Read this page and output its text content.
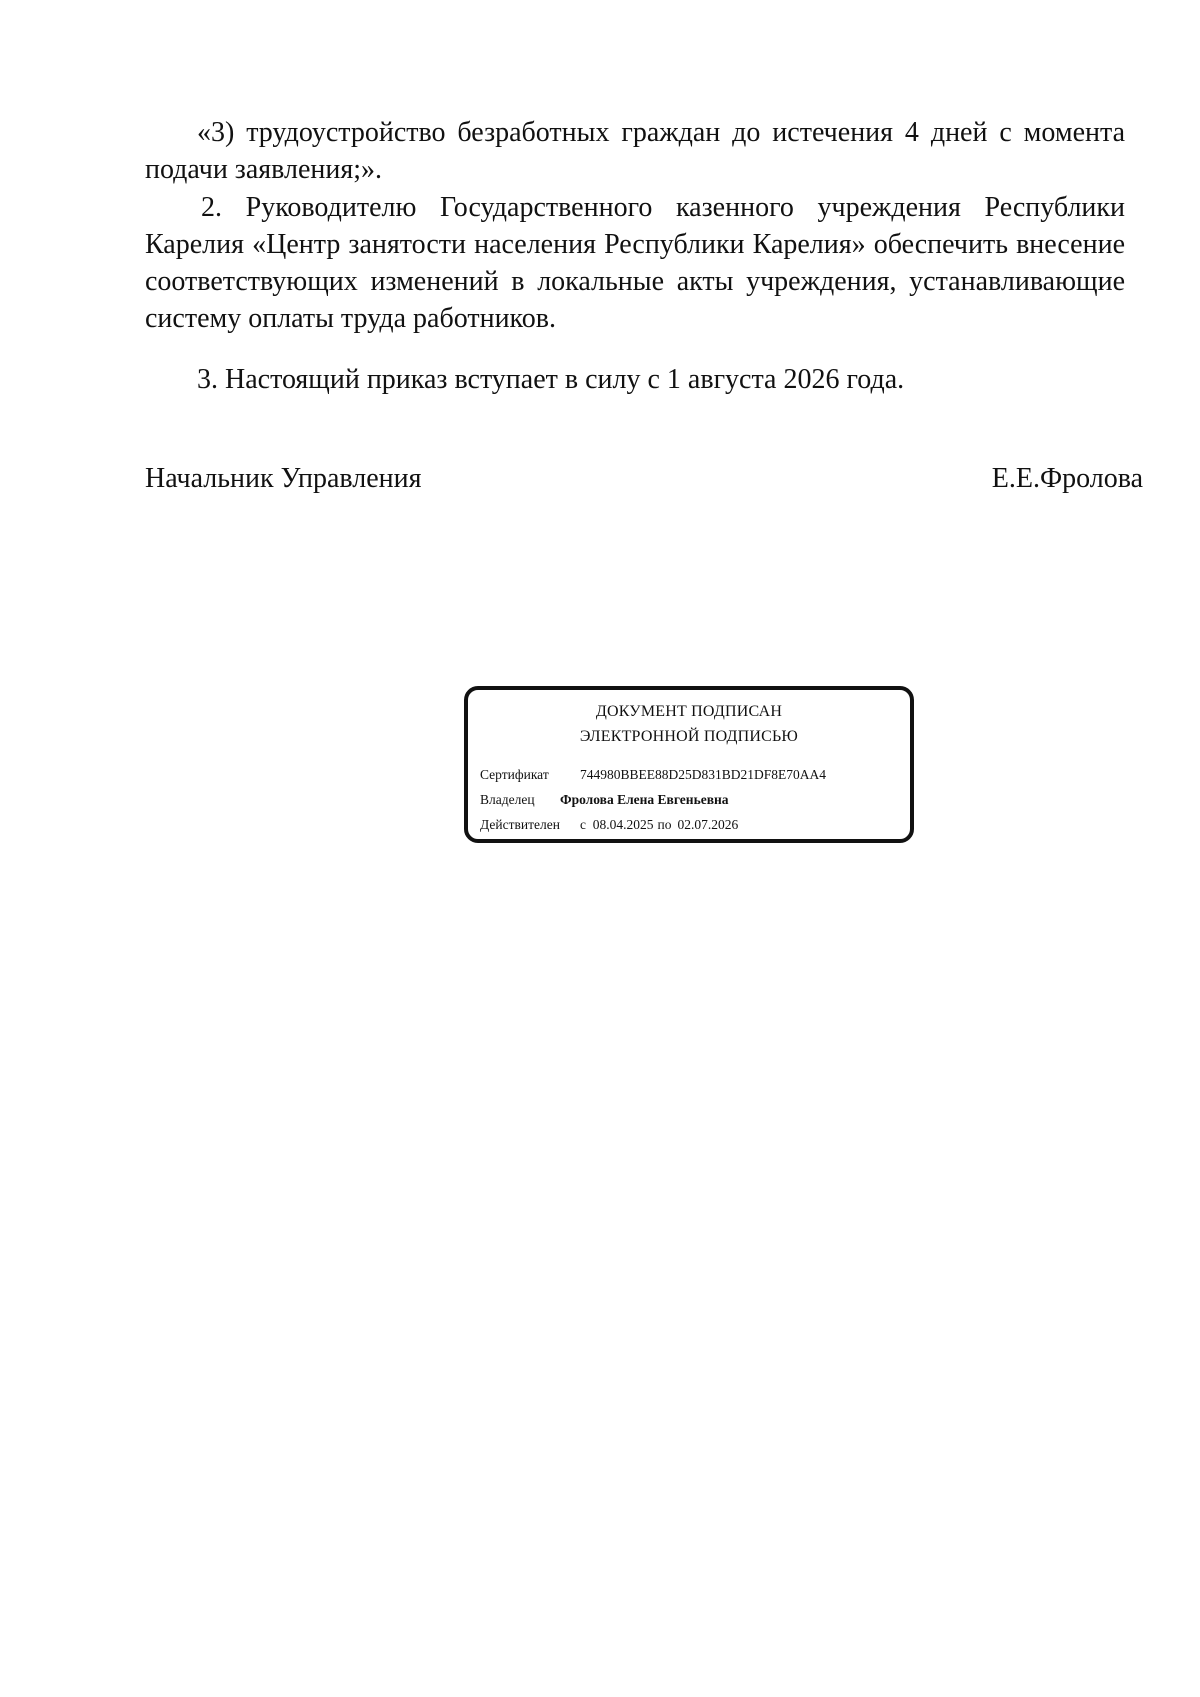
«3) трудоустройство безработных граждан до истечения 4 дней с момента подачи заявления;».

2. Руководителю Государственного казенного учреждения Республики Карелия «Центр занятости населения Республики Карелия» обеспечить внесение соответствующих изменений в локальные акты учреждения, устанавливающие систему оплаты труда работников.

3. Настоящий приказ вступает в силу с 1 августа 2026 года.

Начальник Управления	Е.Е.Фролова
ДОКУМЕНТ ПОДПИСАН
ЭЛЕКТРОННОЙ ПОДПИСЬЮ
Сертификат 744980BBEE88D25D831BD21DF8E70AA4
Владелец Фролова Елена Евгеньевна
Действителен с 08.04.2025 по 02.07.2026
